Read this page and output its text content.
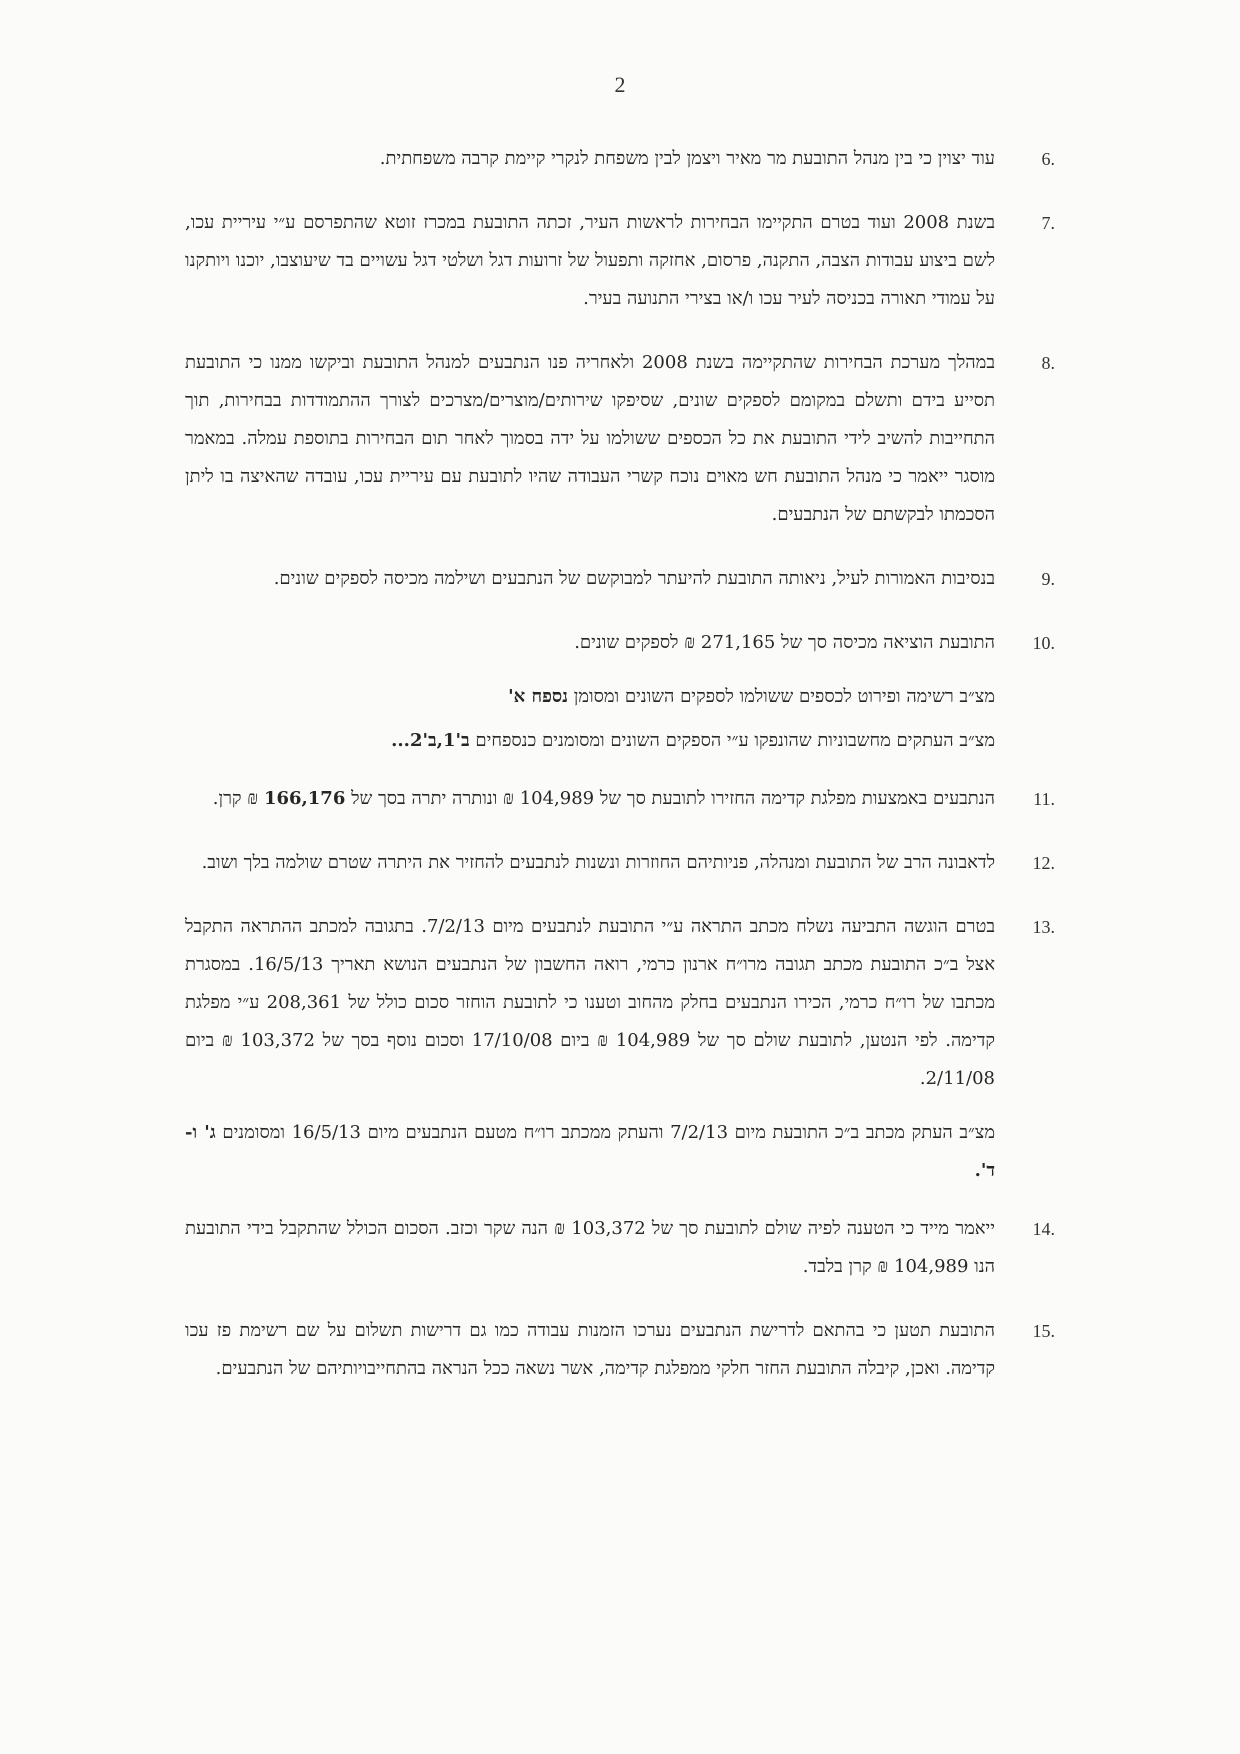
2
6.
עוד יצוין כי בין מנהל התובעת מר מאיר ויצמן לבין משפחת לנקרי קיימת קרבה משפחתית.
7.
בשנת 2008 ועוד בטרם התקיימו הבחירות לראשות העיר, זכתה התובעת במכרז זוטא שהתפרסם ע״י עיריית עכו, לשם ביצוע עבודות הצבה, התקנה, פרסום, אחזקה ותפעול של זרועות דגל ושלטי דגל עשויים בד שיעוצבו, יוכנו ויותקנו על עמודי תאורה בכניסה לעיר עכו ו/או בצירי התנועה בעיר.
8.
במהלך מערכת הבחירות שהתקיימה בשנת 2008 ולאחריה פנו הנתבעים למנהל התובעת וביקשו ממנו כי התובעת תסייע בידם ותשלם במקומם לספקים שונים, שסיפקו שירותים/מוצרים/מצרכים לצורך ההתמודדות בבחירות, תוך התחייבות להשיב לידי התובעת את כל הכספים ששולמו על ידה בסמוך לאחר תום הבחירות בתוספת עמלה. במאמר מוסגר ייאמר כי מנהל התובעת חש מאוים נוכח קשרי העבודה שהיו לתובעת עם עיריית עכו, עובדה שהאיצה בו ליתן הסכמתו לבקשתם של הנתבעים.
9.
בנסיבות האמורות לעיל, ניאותה התובעת להיעתר למבוקשם של הנתבעים ושילמה מכיסה לספקים שונים.
10.
התובעת הוציאה מכיסה סך של 271,165 ₪ לספקים שונים.
מצ״ב רשימה ופירוט לכספים ששולמו לספקים השונים ומסומן נספח א'
מצ״ב העתקים מחשבוניות שהונפקו ע״י הספקים השונים ומסומנים כנספחים ב'1,ב'2...
11.
הנתבעים באמצעות מפלגת קדימה החזירו לתובעת סך של 104,989 ₪ ונותרה יתרה בסך של 166,176 ₪ קרן.
12.
לדאבונה הרב של התובעת ומנהלה, פניותיהם החוזרות ונשנות לנתבעים להחזיר את היתרה שטרם שולמה בלך ושוב.
13.
בטרם הוגשה התביעה נשלח מכתב התראה ע״י התובעת לנתבעים מיום 7/2/13. בתגובה למכתב ההתראה התקבל אצל ב״כ התובעת מכתב תגובה מרו״ח ארנון כרמי, רואה החשבון של הנתבעים הנושא תאריך 16/5/13. במסגרת מכתבו של רו״ח כרמי, הכירו הנתבעים בחלק מהחוב וטענו כי לתובעת הוחזר סכום כולל של 208,361 ע״י מפלגת קדימה. לפי הנטען, לתובעת שולם סך של 104,989 ₪ ביום 17/10/08 וסכום נוסף בסך של 103,372 ₪ ביום 2/11/08.
מצ״ב העתק מכתב ב״כ התובעת מיום 7/2/13 והעתק ממכתב רו״ח מטעם הנתבעים מיום 16/5/13 ומסומנים ג' ו- ד'.
14.
ייאמר מייד כי הטענה לפיה שולם לתובעת סך של 103,372 ₪ הנה שקר וכזב. הסכום הכולל שהתקבל בידי התובעת הנו 104,989 ₪ קרן בלבד.
15.
התובעת תטען כי בהתאם לדרישת הנתבעים נערכו הזמנות עבודה כמו גם דרישות תשלום על שם רשימת פז עכו קדימה. ואכן, קיבלה התובעת החזר חלקי ממפלגת קדימה, אשר נשאה ככל הנראה בהתחייבויותיהם של הנתבעים.
